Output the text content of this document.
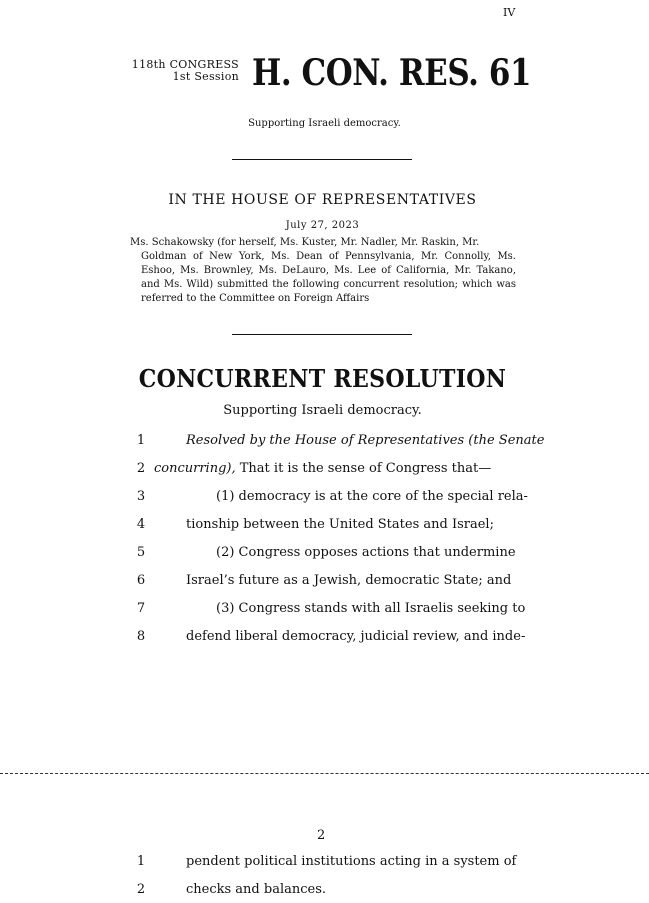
IV
118th CONGRESS
1st Session H. CON. RES. 61
Supporting Israeli democracy.
IN THE HOUSE OF REPRESENTATIVES
July 27, 2023
Ms. Schakowsky (for herself, Ms. Kuster, Mr. Nadler, Mr. Raskin, Mr.
Goldman of New York, Ms. Dean of Pennsylvania, Mr. Connolly, Ms. Eshoo, Ms. Brownley, Ms. DeLauro, Ms. Lee of California, Mr. Takano, and Ms. Wild) submitted the following concurrent resolution; which was referred to the Committee on Foreign Affairs
CONCURRENT RESOLUTION
Supporting Israeli democracy.
1	Resolved by the House of Representatives (the Senate
2 concurring), That it is the sense of Congress that—
3	(1) democracy is at the core of the special rela-
4	tionship between the United States and Israel;
5	(2) Congress opposes actions that undermine
6	Israel’s future as a Jewish, democratic State; and
7	(3) Congress stands with all Israelis seeking to
8	defend liberal democracy, judicial review, and inde-
2
1	pendent political institutions acting in a system of
2	checks and balances.
